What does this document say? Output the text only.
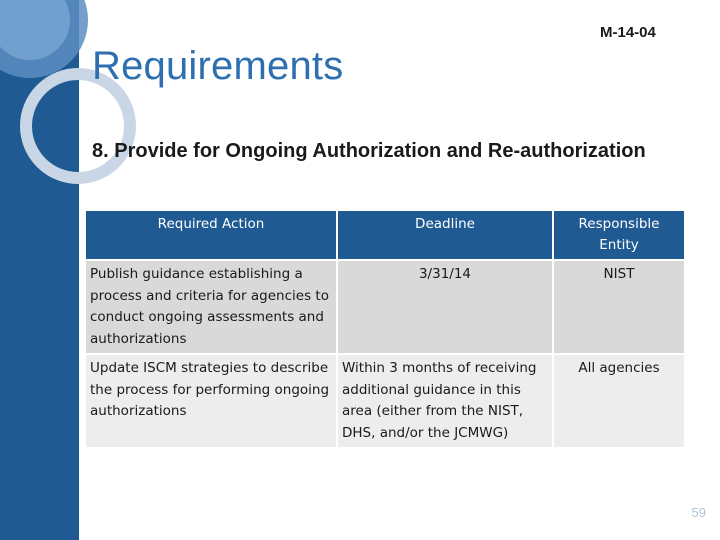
M-14-04
Requirements
8. Provide for Ongoing Authorization and Re-authorization
Required Action	Deadline	Responsible Entity
Publish guidance establishing a process and criteria for agencies to conduct ongoing assessments and authorizations	3/31/14	NIST
Update ISCM strategies to describe the process for performing ongoing authorizations	Within 3 months of receiving additional guidance in this area (either from the NIST, DHS, and/or the JCMWG)	All agencies
59
